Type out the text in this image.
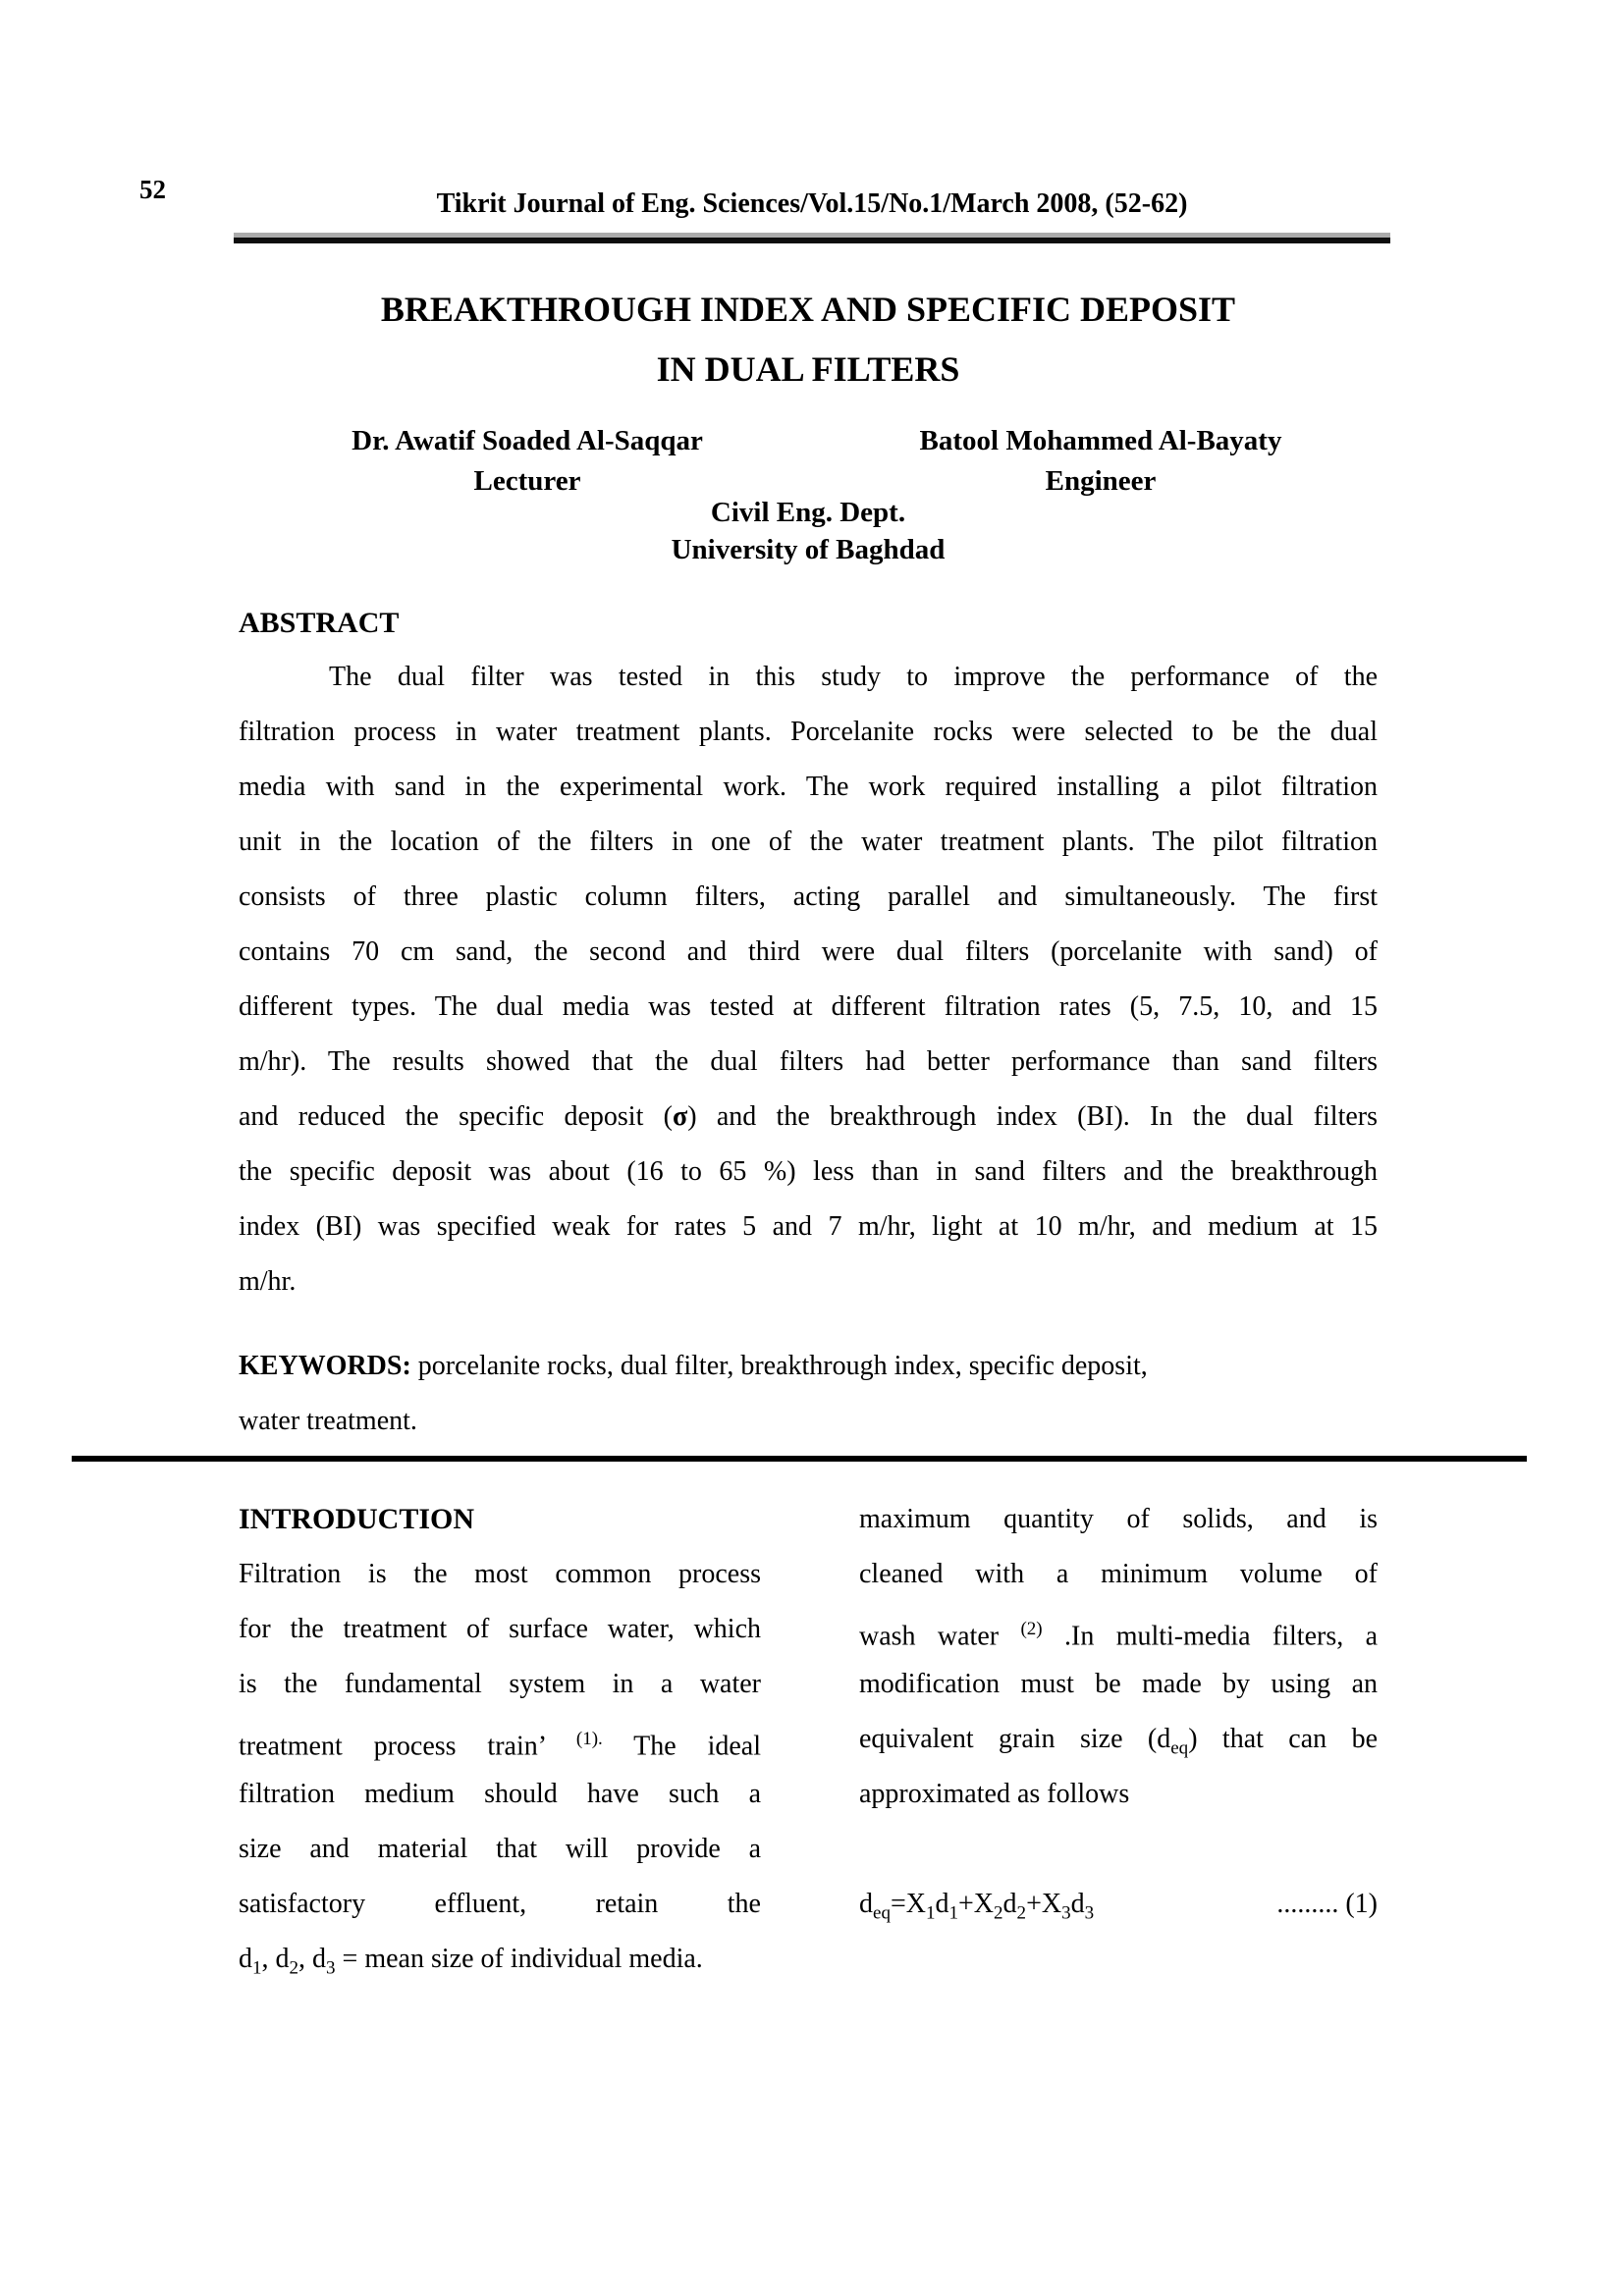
52	Tikrit Journal of Eng. Sciences/Vol.15/No.1/March 2008, (52-62)
BREAKTHROUGH INDEX AND SPECIFIC DEPOSIT
IN DUAL FILTERS
Dr. Awatif Soaded Al-Saqqar
Lecturer
Batool Mohammed Al-Bayaty
Engineer
Civil Eng. Dept.
University of Baghdad
ABSTRACT
The dual filter was tested in this study to improve the performance of the
filtration process in water treatment plants. Porcelanite rocks were selected to be the dual
media with sand in the experimental work. The work required installing a pilot filtration
unit in the location of the filters in one of the water treatment plants. The pilot filtration
consists of three plastic column filters, acting parallel and simultaneously. The first
contains 70 cm sand, the second and third were dual filters (porcelanite with sand) of
different types. The dual media was tested at different filtration rates (5, 7.5, 10, and 15
m/hr). The results showed that the dual filters had better performance than sand filters
and reduced the specific deposit (σ) and the breakthrough index (BI). In the dual filters
the specific deposit was about (16 to 65 %) less than in sand filters and the breakthrough
index (BI) was specified weak for rates 5 and 7 m/hr, light at 10 m/hr, and medium at 15
m/hr.
KEYWORDS: porcelanite rocks, dual filter, breakthrough index, specific deposit,
water treatment.
INTRODUCTION
Filtration is the most common process
for the treatment of surface water, which
is the fundamental system in a water
treatment process train’ $^{(1).}$ The ideal
filtration medium should have such a
size and material that will provide a
satisfactory effluent, retain the
$d_1$, $d_2$, $d_3$ = mean size of individual media.
maximum quantity of solids, and is
cleaned with a minimum volume of
wash water $^{(2)}$ .In multi-media filters, a
modification must be made by using an
equivalent grain size $(d_{eq})$ that can be
approximated as follows
$d_{eq}=X_1d_1+X_2d_2+X_3d_3$	......... (1)
